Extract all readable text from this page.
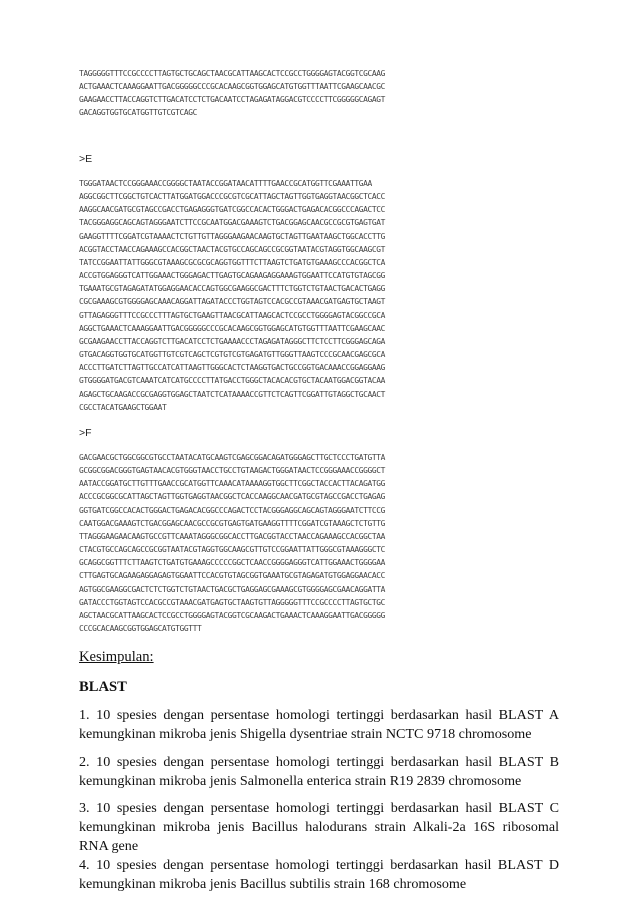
TAGGGGGTTTCCGCCCCTTAGTGCTGCAGCTAACGCATTAAGCACTCCGCCTGGGGAGTACGGTCGCAAG
ACTGAAACTCAAAGGAATTGACGGGGGCCCGCACAAGCGGTGGAGCATGTGGTTTAATTCGAAGCAACGC
GAAGAACCTTACCAGGTCTTGACATCCTCTGACAATCCTAGAGATAGGACGTCCCCTTCGGGGGCAGAGT
GACAGGTGGTGCATGGTTGTCGTCAGC
>E
TGGGATAACTCCGGGAAACCGGGGCTAATACCGGATAACATTTTGAACCGCATGGTTCGAAATTGAA
AGGCGGCTTCGGCTGTCACTTATGGATGGACCCGCGTCGCATTAGCTAGTTGGTGAGGTAACGGCTCACC
AAGGCAACGATGCGTAGCCGACCTGAGAGGGTGATCGGCCACACTGGGACTGAGACACGGCCCAGACTCC
TACGGGAGGCAGCAGTAGGGAATCTTCCGCAATGGACGAAAGTCTGACGGAGCAACGCCGCGTGAGTGAT
GAAGGTTTTCGGATCGTAAAACTCTGTTGTTAGGGAAGAACAAGTGCTAGTTGAATAAGCTGGCACCTTG
ACGGTACCTAACCAGAAAGCCACGGCTAACTACGTGCCAGCAGCCGCGGTAATACGTAGGTGGCAAGCGT
TATCCGGAATTATTGGGCGTAAAGCGCGCGCAGGTGGTTTCTTAAGTCTGATGTGAAAGCCCACGGCTCA
ACCGTGGAGGGTCATTGGAAACTGGGAGACTTGAGTGCAGAAGAGGAAAGTGGAATTCCATGTGTAGCGG
TGAAATGCGTAGAGATATGGAGGAACACCAGTGGCGAAGGCGACTTTCTGGTCTGTAACTGACACTGAGG
CGCGAAAGCGTGGGGAGCAAACAGGATTAGATACCCTGGTAGTCCACGCCGTAAACGATGAGTGCTAAGT
GTTAGAGGGTTTCCGCCCTTTAGTGCTGAAGTTAACGCATTAAGCACTCCGCCTGGGGAGTACGGCCGCA
AGGCTGAAACTCAAAGGAATTGACGGGGGCCCGCACAAGCGGTGGAGCATGTGGTTTAATTCGAAGCAAC
GCGAAGAACCTTACCAGGTCTTGACATCCTCTGAAAACCCTAGAGATAGGGCTTCTCCTTCGGGAGCAGA
GTGACAGGTGGTGCATGGTTGTCGTCAGCTCGTGTCGTGAGATGTTGGGTTAAGTCCCGCAACGAGCGCA
ACCCTTGATCTTAGTTGCCATCATTAAGTTGGGCACTCTAAGGTGACTGCCGGTGACAAACCGGAGGAAG
GTGGGGATGACGTCAAATCATCATGCCCCTTATGACCTGGGCTACACACGTGCTACAATGGACGGTACAA
AGAGCTGCAAGACCGCGAGGTGGAGCTAATCTCATAAAACCGTTCTCAGTTCGGATTGTAGGCTGCAACT
CGCCTACATGAAGCTGGAAT
>F
GACGAACGCTGGCGGCGTGCCTAATACATGCAAGTCGAGCGGACAGATGGGAGCTTGCTCCCTGATGTTA
GCGGCGGACGGGTGAGTAACACGTGGGTAACCTGCCTGTAAGACTGGGATAACTCCGGGAAACCGGGGCT
AATACCGGATGCTTGTTTGAACCGCATGGTTCAAACATAAAAGGTGGCTTCGGCTACCACTTACAGATGG
ACCCGCGGCGCATTAGCTAGTTGGTGAGGTAACGGCTCACCAAGGCAACGATGCGTAGCCGACCTGAGAG
GGTGATCGGCCACACTGGGACTGAGACACGGCCCAGACTCCTACGGGAGGCAGCAGTAGGGAATCTTCCG
CAATGGACGAAAGTCTGACGGAGCAACGCCGCGTGAGTGATGAAGGTTTTCGGATCGTAAAGCTCTGTTG
TTAGGGAAGAACAAGTGCCGTTCAAATAGGGCGGCACCTTGACGGTACCTAACCAGAAAGCCACGGCTAA
CTACGTGCCAGCAGCCGCGGTAATACGTAGGTGGCAAGCGTTGTCCGGAATTATTGGGCGTAAAGGGCTC
GCAGGCGGTTTCTTAAGTCTGATGTGAAAGCCCCCGGCTCAACCGGGGAGGGTCATTGGAAACTGGGGAA
CTTGAGTGCAGAAGAGGAGAGTGGAATTCCACGTGTAGCGGTGAAATGCGTAGAGATGTGGAGGAACACC
AGTGGCGAAGGCGACTCTCTGGTCTGTAACTGACGCTGAGGAGCGAAAGCGTGGGGAGCGAACAGGATTA
GATACCCTGGTAGTCCACGCCGTAAACGATGAGTGCTAAGTGTTAGGGGGTTTCCGCCCCTTAGTGCTGC
AGCTAACGCATTAAGCACTCCGCCTGGGGAGTACGGTCGCAAGACTGAAACTCAAAGGAATTGACGGGGG
CCCGCACAAGCGGTGGAGCATGTGGTTT
Kesimpulan:
BLAST
1. 10 spesies dengan persentase homologi tertinggi berdasarkan hasil BLAST A kemungkinan mikroba jenis Shigella dysentriae strain NCTC 9718 chromosome
2. 10 spesies dengan persentase homologi tertinggi berdasarkan hasil BLAST B kemungkinan mikroba jenis Salmonella enterica strain R19 2839 chromosome
3. 10 spesies dengan persentase homologi tertinggi berdasarkan hasil BLAST C kemungkinan mikroba jenis Bacillus halodurans strain Alkali-2a 16S ribosomal RNA gene
4. 10 spesies dengan persentase homologi tertinggi berdasarkan hasil BLAST D kemungkinan mikroba jenis Bacillus subtilis strain 168 chromosome
